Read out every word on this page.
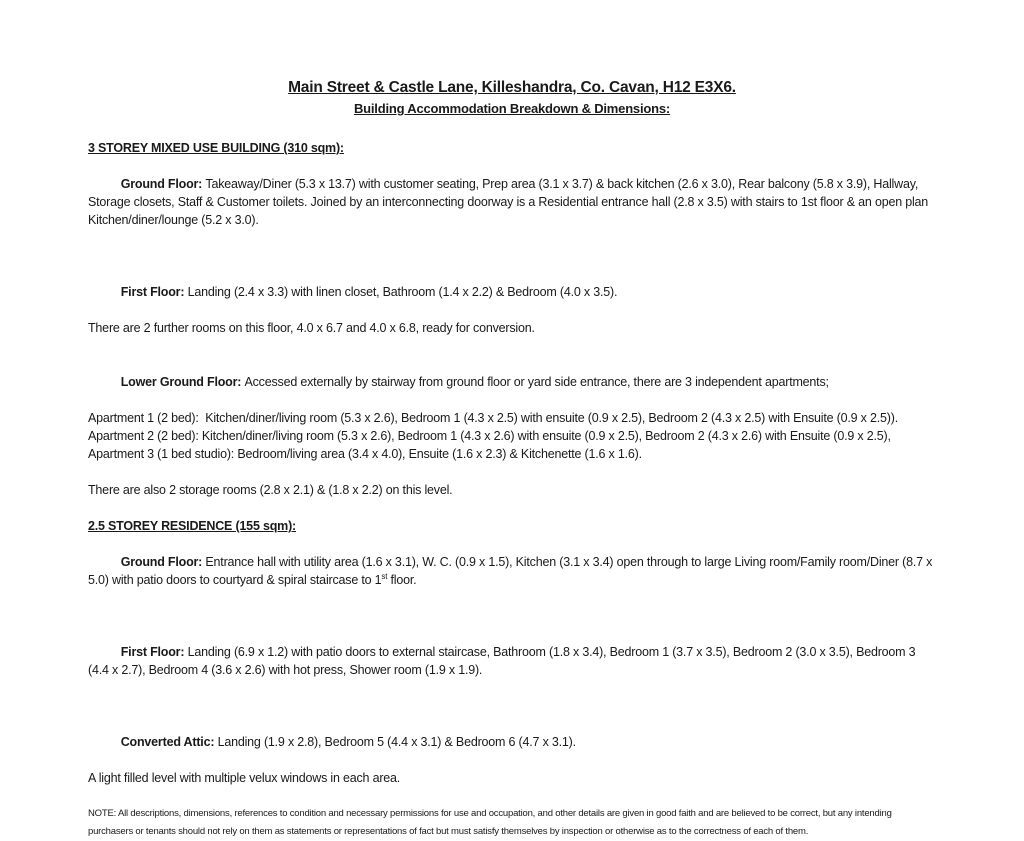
Main Street & Castle Lane, Killeshandra, Co. Cavan, H12 E3X6.
Building Accommodation Breakdown & Dimensions:
3 STOREY MIXED USE BUILDING (310 sqm):

Ground Floor: Takeaway/Diner (5.3 x 13.7) with customer seating, Prep area (3.1 x 3.7) & back kitchen (2.6 x 3.0), Rear balcony (5.8 x 3.9), Hallway, Storage closets, Staff & Customer toilets. Joined by an interconnecting doorway is a Residential entrance hall (2.8 x 3.5) with stairs to 1st floor & an open plan Kitchen/diner/lounge (5.2 x 3.0).

First Floor: Landing (2.4 x 3.3) with linen closet, Bathroom (1.4 x 2.2) & Bedroom (4.0 x 3.5).

There are 2 further rooms on this floor, 4.0 x 6.7 and 4.0 x 6.8, ready for conversion.

Lower Ground Floor: Accessed externally by stairway from ground floor or yard side entrance, there are 3 independent apartments;

Apartment 1 (2 bed):  Kitchen/diner/living room (5.3 x 2.6), Bedroom 1 (4.3 x 2.5) with ensuite (0.9 x 2.5), Bedroom 2 (4.3 x 2.5) with Ensuite (0.9 x 2.5)).
Apartment 2 (2 bed): Kitchen/diner/living room (5.3 x 2.6), Bedroom 1 (4.3 x 2.6) with ensuite (0.9 x 2.5), Bedroom 2 (4.3 x 2.6) with Ensuite (0.9 x 2.5),
Apartment 3 (1 bed studio): Bedroom/living area (3.4 x 4.0), Ensuite (1.6 x 2.3) & Kitchenette (1.6 x 1.6).
There are also 2 storage rooms (2.8 x 2.1) & (1.8 x 2.2) on this level.
2.5 STOREY RESIDENCE (155 sqm):

Ground Floor: Entrance hall with utility area (1.6 x 3.1), W. C. (0.9 x 1.5), Kitchen (3.1 x 3.4) open through to large Living room/Family room/Diner (8.7 x 5.0) with patio doors to courtyard & spiral staircase to 1st floor.

First Floor: Landing (6.9 x 1.2) with patio doors to external staircase, Bathroom (1.8 x 3.4), Bedroom 1 (3.7 x 3.5), Bedroom 2 (3.0 x 3.5), Bedroom 3 (4.4 x 2.7), Bedroom 4 (3.6 x 2.6) with hot press, Shower room (1.9 x 1.9).

Converted Attic: Landing (1.9 x 2.8), Bedroom 5 (4.4 x 3.1) & Bedroom 6 (4.7 x 3.1).

A light filled level with multiple velux windows in each area.
NOTE: All descriptions, dimensions, references to condition and necessary permissions for use and occupation, and other details are given in good faith and are believed to be correct, but any intending purchasers or tenants should not rely on them as statements or representations of fact but must satisfy themselves by inspection or otherwise as to the correctness of each of them.
